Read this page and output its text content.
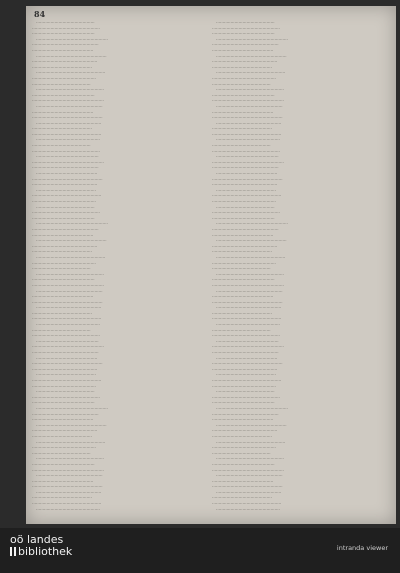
84
············································
···················································
···············································
······················································
··················································
··············································
·····················································
·················································
·············································
····················································
················································
············································
···················································
···············································
······················································
··················································
··············································
·····················································
·················································
·············································
····················································
················································
············································
···················································
···············································
······················································
··················································
··············································
·····················································
·················································
·············································
····················································
················································
············································
···················································
···············································
······················································
··················································
··············································
·····················································
·················································
·············································
····················································
················································
············································
···················································
···············································
······················································
··················································
··············································
·····················································
·················································
·············································
····················································
················································
············································
···················································
···············································
······················································
··················································
··············································
·····················································
·················································
·············································
····················································
················································
············································
···················································
···············································
······················································
··················································
··············································
·····················································
·················································
·············································
····················································
················································
············································
···················································
···············································
······················································
··················································
··············································
·····················································
·················································
·············································
····················································
················································
············································
···················································
···············································
······················································
··················································
··············································
·····················································
·················································
·············································
····················································
················································
············································
···················································
···············································
······················································
··················································
··············································
·····················································
·················································
·············································
····················································
················································
············································
···················································
···············································
······················································
··················································
··············································
·····················································
·················································
·············································
····················································
················································
············································
···················································
···············································
······················································
··················································
··············································
·····················································
·················································
·············································
····················································
················································
············································
···················································
···············································
······················································
··················································
··············································
·····················································
·················································
·············································
····················································
················································
············································
···················································
···············································
······················································
··················································
··············································
·····················································
·················································
·············································
····················································
················································
············································
···················································
···············································
······················································
··················································
··············································
·····················································
·················································
·············································
····················································
················································
············································
···················································
···············································
······················································
··················································
··············································
·····················································
·················································
·············································
····················································
················································
oö landes
bibliothek	intranda viewer
